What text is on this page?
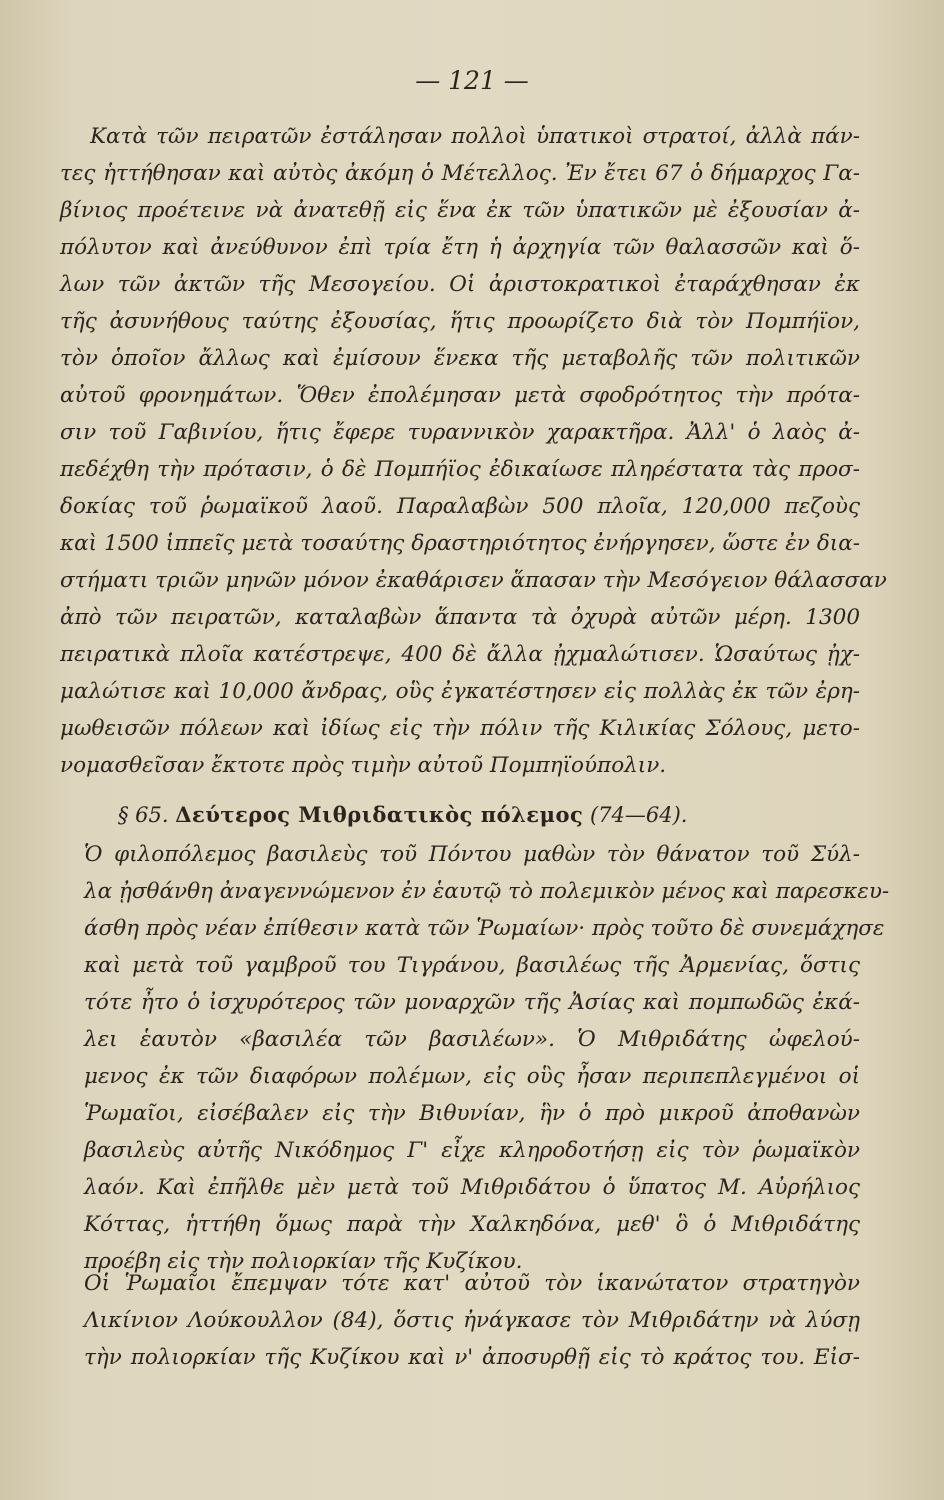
— 121 —
Κατὰ τῶν πειρατῶν ἐστάλησαν πολλοὶ ὑπατικοὶ στρατοί, ἀλλὰ πάν-
τες ἡττήθησαν καὶ αὐτὸς ἀκόμη ὁ Μέτελλος. Ἐν ἔτει 67 ὁ δήμαρχος Γα-
βίνιος προέτεινε νὰ ἀνατεθῇ εἰς ἕνα ἐκ τῶν ὑπατικῶν μὲ ἐξουσίαν ἀ-
πόλυτον καὶ ἀνεύθυνον ἐπὶ τρία ἔτη ἡ ἀρχηγία τῶν θαλασσῶν καὶ ὅ-
λων τῶν ἀκτῶν τῆς Μεσογείου. Οἱ ἀριστοκρατικοὶ ἐταράχθησαν ἐκ
τῆς ἀσυνήθους ταύτης ἐξουσίας, ἥτις προωρίζετο διὰ τὸν Πομπήϊον,
τὸν ὁποῖον ἄλλως καὶ ἐμίσουν ἕνεκα τῆς μεταβολῆς τῶν πολιτικῶν
αὐτοῦ φρονημάτων. Ὅθεν ἐπολέμησαν μετὰ σφοδρότητος τὴν πρότα-
σιν τοῦ Γαβινίου, ἥτις ἔφερε τυραννικὸν χαρακτῆρα. Ἀλλ' ὁ λαὸς ἀ-
πεδέχθη τὴν πρότασιν, ὁ δὲ Πομπήϊος ἐδικαίωσε πληρέστατα τὰς προσ-
δοκίας τοῦ ῥωμαϊκοῦ λαοῦ. Παραλαβὼν 500 πλοῖα, 120,000 πεζοὺς
καὶ 1500 ἱππεῖς μετὰ τοσαύτης δραστηριότητος ἐνήργησεν, ὥστε ἐν δια-
στήματι τριῶν μηνῶν μόνον ἐκαθάρισεν ἅπασαν τὴν Μεσόγειον θάλασσαν
ἀπὸ τῶν πειρατῶν, καταλαβὼν ἅπαντα τὰ ὀχυρὰ αὐτῶν μέρη. 1300
πειρατικὰ πλοῖα κατέστρεψε, 400 δὲ ἄλλα ᾐχμαλώτισεν. Ὡσαύτως ᾐχ-
μαλώτισε καὶ 10,000 ἄνδρας, οὓς ἐγκατέστησεν εἰς πολλὰς ἐκ τῶν ἐρη-
μωθεισῶν πόλεων καὶ ἰδίως εἰς τὴν πόλιν τῆς Κιλικίας Σόλους, μετο-
νομασθεῖσαν ἔκτοτε πρὸς τιμὴν αὐτοῦ Πομπηϊούπολιν.
§ 65. Δεύτερος Μιθριδατικὸς πόλεμος (74—64).
Ὁ φιλοπόλεμος βασιλεὺς τοῦ Πόντου μαθὼν τὸν θάνατον τοῦ Σύλ-
λα ᾐσθάνθη ἀναγεννώμενον ἐν ἑαυτῷ τὸ πολεμικὸν μένος καὶ παρεσκευ-
άσθη πρὸς νέαν ἐπίθεσιν κατὰ τῶν Ῥωμαίων· πρὸς τοῦτο δὲ συνεμάχησε
καὶ μετὰ τοῦ γαμβροῦ του Τιγράνου, βασιλέως τῆς Ἀρμενίας, ὅστις
τότε ἦτο ὁ ἰσχυρότερος τῶν μοναρχῶν τῆς Ἀσίας καὶ πομπωδῶς ἐκά-
λει ἑαυτὸν «βασιλέα τῶν βασιλέων». Ὁ Μιθριδάτης ὠφελού-
μενος ἐκ τῶν διαφόρων πολέμων, εἰς οὓς ἦσαν περιπεπλεγμένοι οἱ
Ῥωμαῖοι, εἰσέβαλεν εἰς τὴν Βιθυνίαν, ἣν ὁ πρὸ μικροῦ ἀποθανὼν
βασιλεὺς αὐτῆς Νικόδημος Γ' εἶχε κληροδοτήσῃ εἰς τὸν ῥωμαϊκὸν
λαόν. Καὶ ἐπῆλθε μὲν μετὰ τοῦ Μιθριδάτου ὁ ὕπατος Μ. Αὐρήλιος
Κόττας, ἡττήθη ὅμως παρὰ τὴν Χαλκηδόνα, μεθ' ὃ ὁ Μιθριδάτης
προέβη εἰς τὴν πολιορκίαν τῆς Κυζίκου.
Οἱ Ῥωμαῖοι ἔπεμψαν τότε κατ' αὐτοῦ τὸν ἱκανώτατον στρατηγὸν
Λικίνιον Λούκουλλον (84), ὅστις ἠνάγκασε τὸν Μιθριδάτην νὰ λύσῃ
τὴν πολιορκίαν τῆς Κυζίκου καὶ ν' ἀποσυρθῇ εἰς τὸ κράτος του. Εἰσ-
